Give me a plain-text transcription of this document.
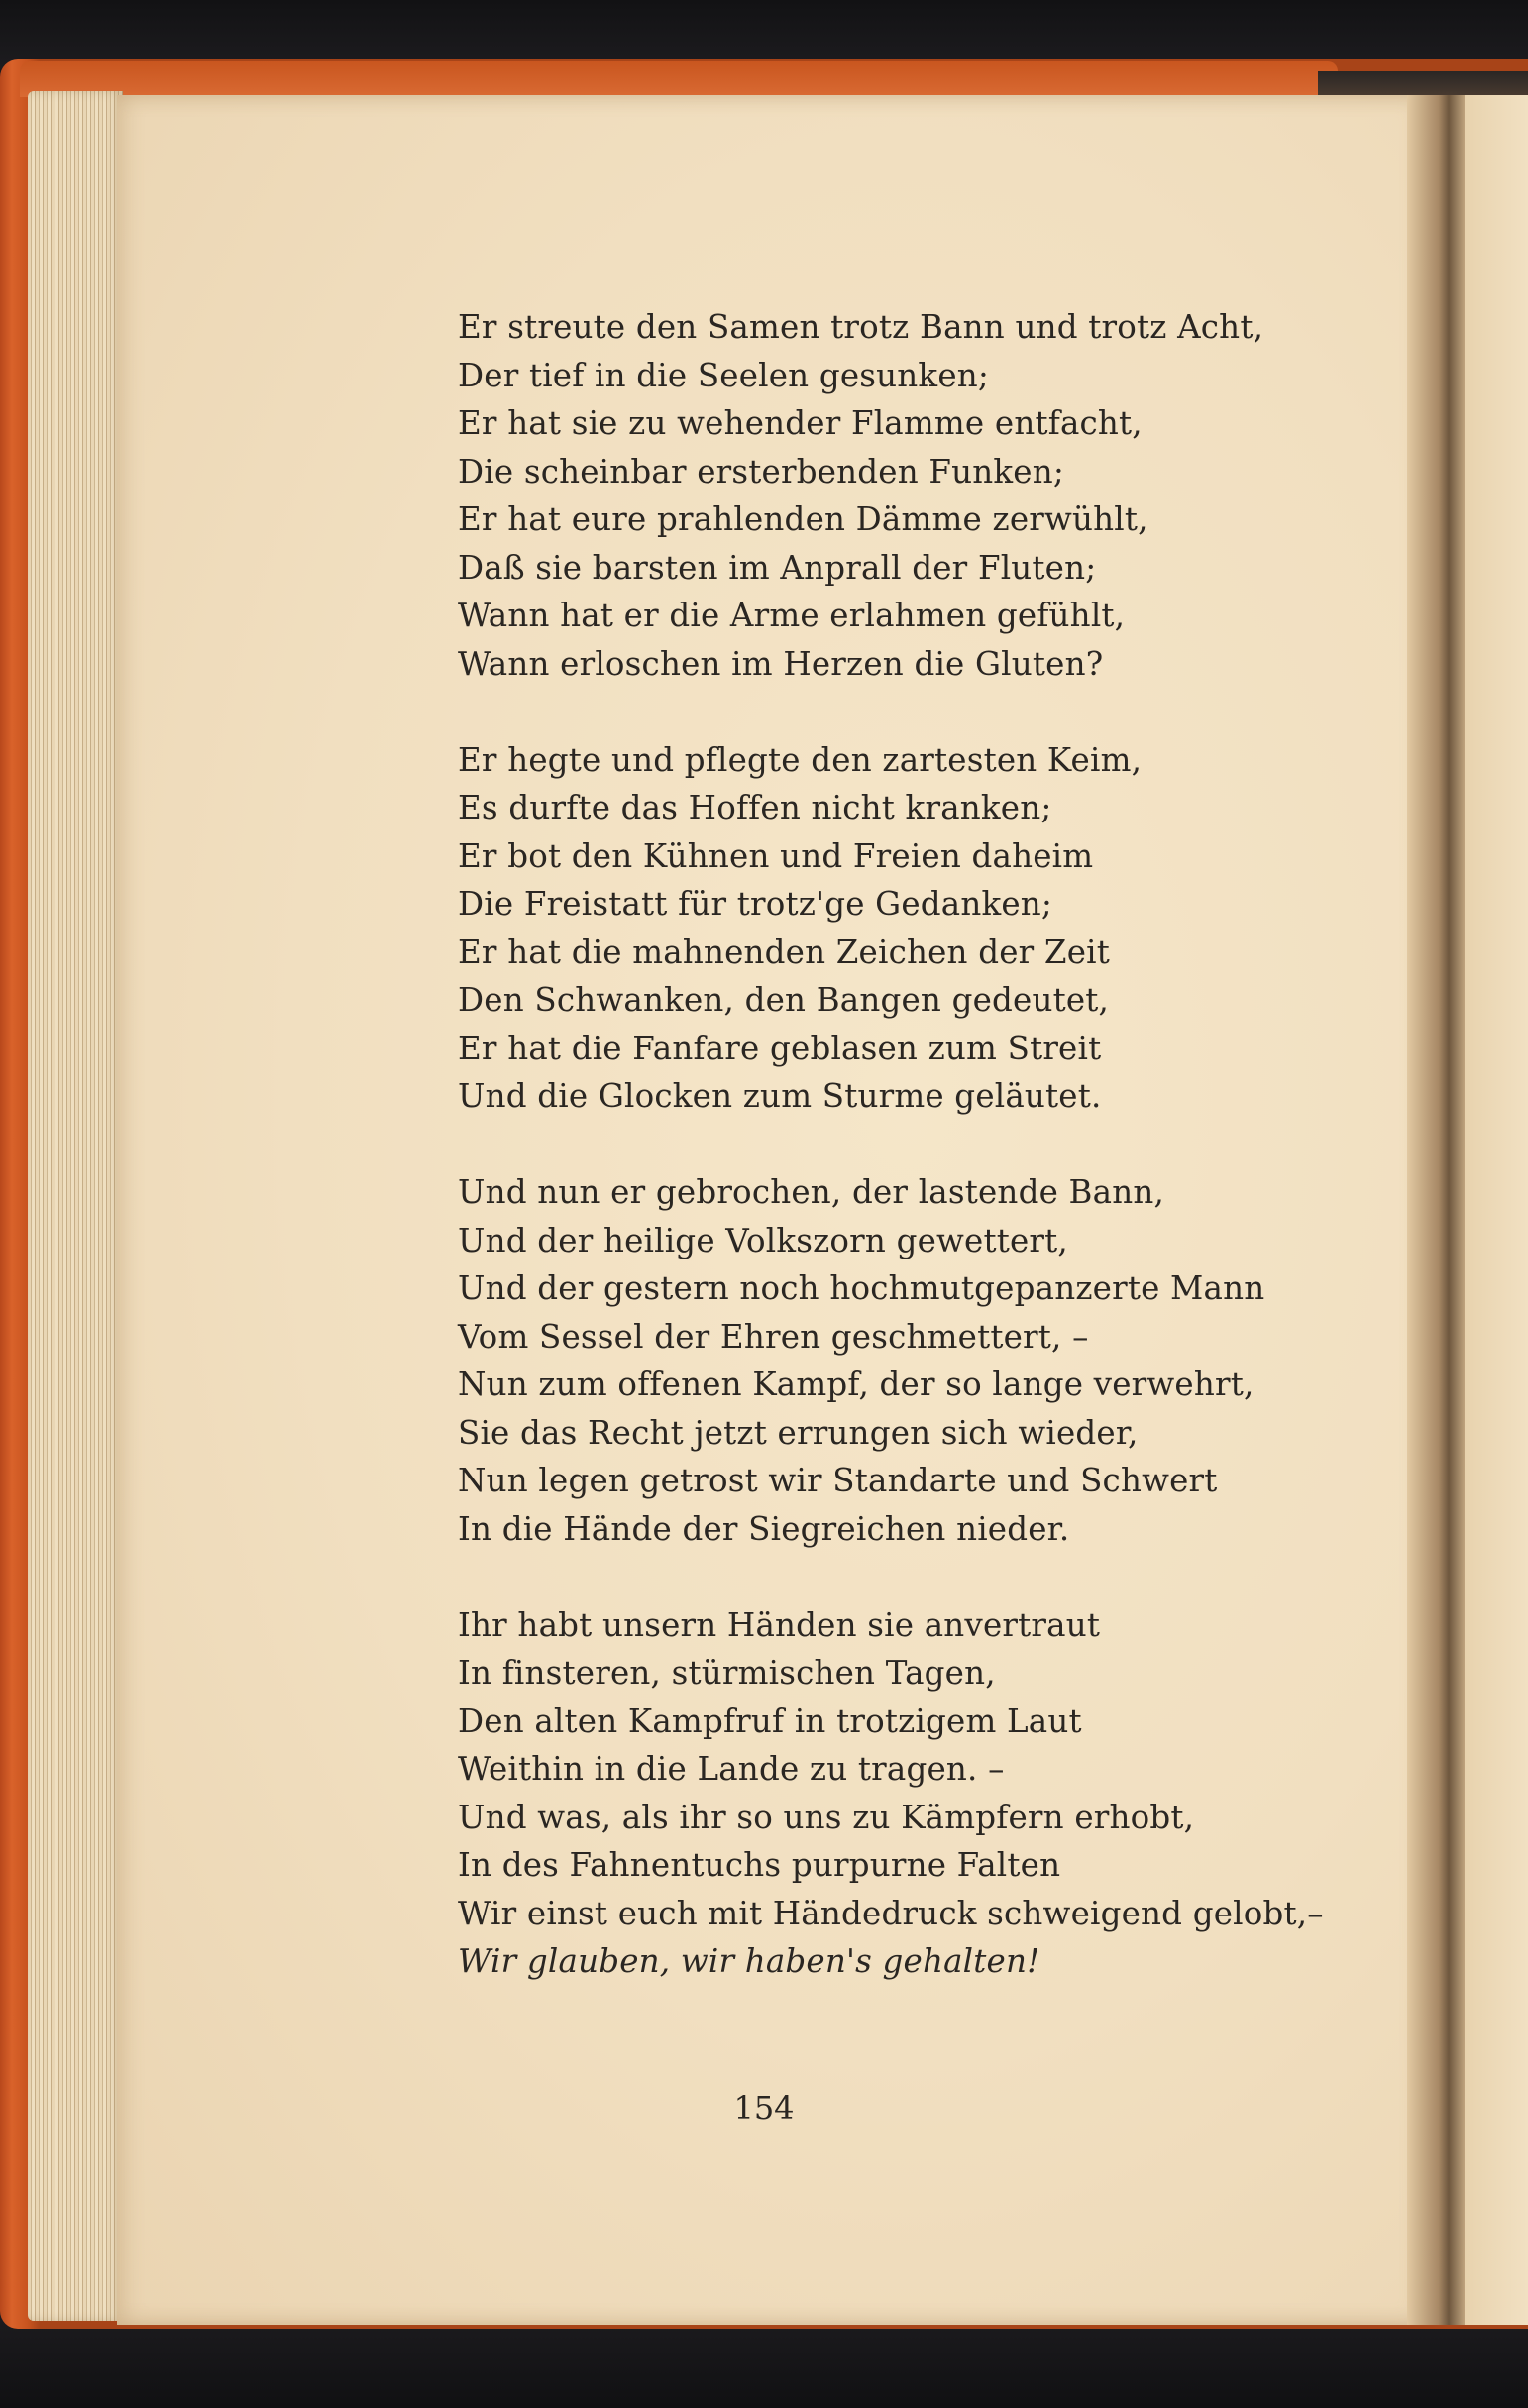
Er streute den Samen trotz Bann und trotz Acht,
Der tief in die Seelen gesunken;
Er hat sie zu wehender Flamme entfacht,
Die scheinbar ersterbenden Funken;
Er hat eure prahlenden Dämme zerwühlt,
Daß sie barsten im Anprall der Fluten;
Wann hat er die Arme erlahmen gefühlt,
Wann erloschen im Herzen die Gluten?
Er hegte und pflegte den zartesten Keim,
Es durfte das Hoffen nicht kranken;
Er bot den Kühnen und Freien daheim
Die Freistatt für trotz'ge Gedanken;
Er hat die mahnenden Zeichen der Zeit
Den Schwanken, den Bangen gedeutet,
Er hat die Fanfare geblasen zum Streit
Und die Glocken zum Sturme geläutet.
Und nun er gebrochen, der lastende Bann,
Und der heilige Volkszorn gewettert,
Und der gestern noch hochmutgepanzerte Mann
Vom Sessel der Ehren geschmettert, –
Nun zum offenen Kampf, der so lange verwehrt,
Sie das Recht jetzt errungen sich wieder,
Nun legen getrost wir Standarte und Schwert
In die Hände der Siegreichen nieder.
Ihr habt unsern Händen sie anvertraut
In finsteren, stürmischen Tagen,
Den alten Kampfruf in trotzigem Laut
Weithin in die Lande zu tragen. –
Und was, als ihr so uns zu Kämpfern erhobt,
In des Fahnentuchs purpurne Falten
Wir einst euch mit Händedruck schweigend gelobt,–
Wir glauben, wir haben's gehalten!
154
